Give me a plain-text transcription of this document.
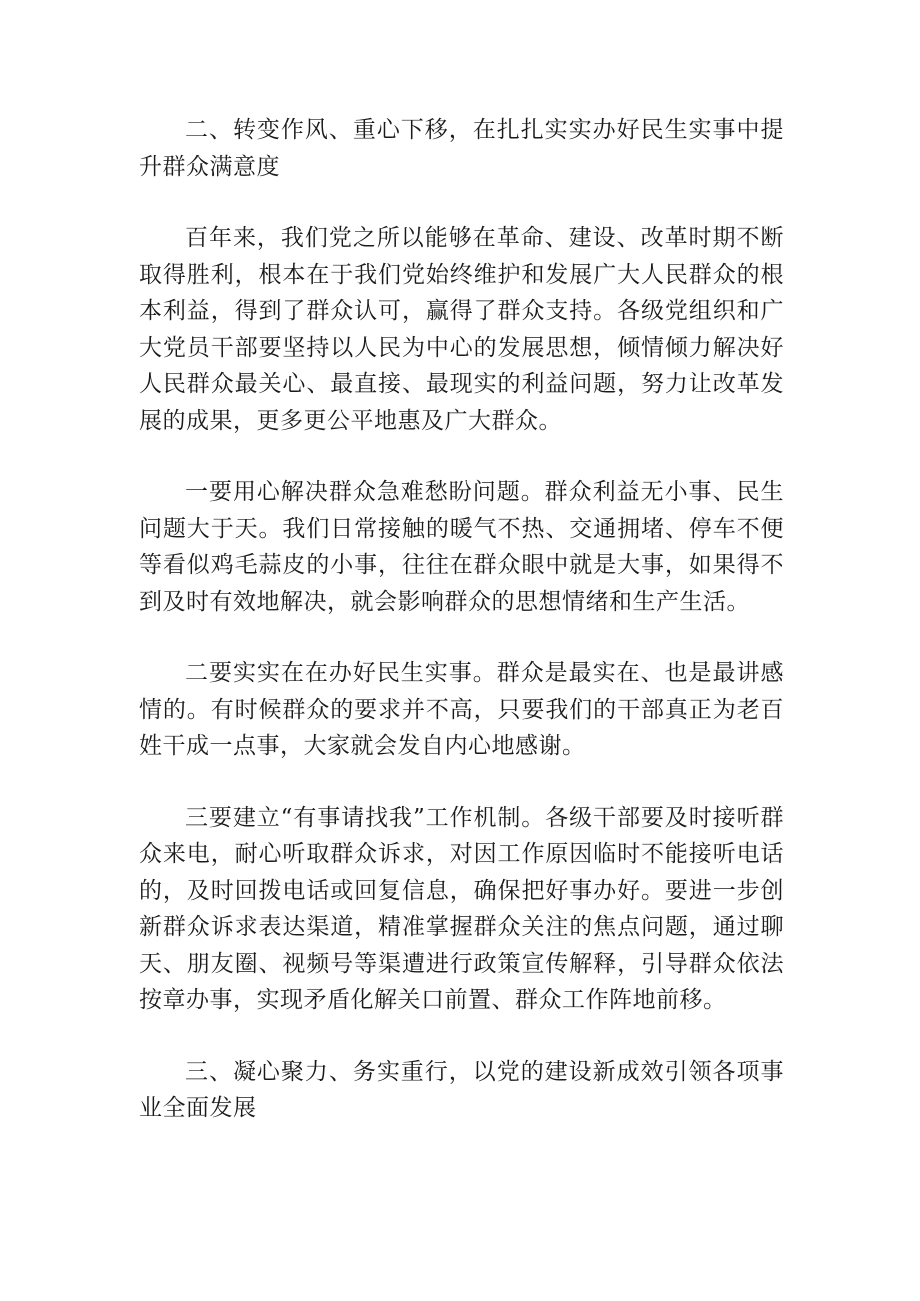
二、转变作风、重心下移，在扎扎实实办好民生实事中提升群众满意度

百年来，我们党之所以能够在革命、建设、改革时期不断取得胜利，根本在于我们党始终维护和发展广大人民群众的根本利益，得到了群众认可，赢得了群众支持。各级党组织和广大党员干部要坚持以人民为中心的发展思想，倾情倾力解决好人民群众最关心、最直接、最现实的利益问题，努力让改革发展的成果，更多更公平地惠及广大群众。

一要用心解决群众急难愁盼问题。群众利益无小事、民生问题大于天。我们日常接触的暖气不热、交通拥堵、停车不便等看似鸡毛蒜皮的小事，往往在群众眼中就是大事，如果得不到及时有效地解决，就会影响群众的思想情绪和生产生活。

二要实实在在办好民生实事。群众是最实在、也是最讲感情的。有时候群众的要求并不高，只要我们的干部真正为老百姓干成一点事，大家就会发自内心地感谢。

三要建立“有事请找我”工作机制。各级干部要及时接听群众来电，耐心听取群众诉求，对因工作原因临时不能接听电话的，及时回拨电话或回复信息，确保把好事办好。要进一步创新群众诉求表达渠道，精准掌握群众关注的焦点问题，通过聊天、朋友圈、视频号等渠遭进行政策宣传解释，引导群众依法按章办事，实现矛盾化解关口前置、群众工作阵地前移。

三、凝心聚力、务实重行，以党的建设新成效引领各项事业全面发展
